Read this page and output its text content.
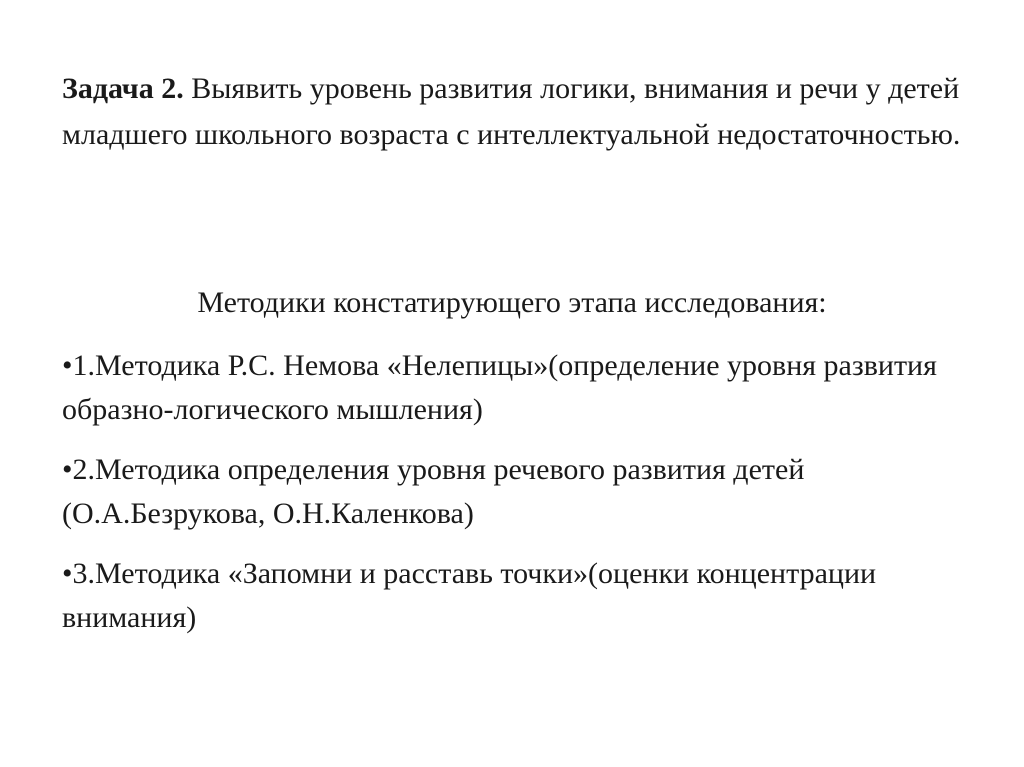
Задача 2. Выявить уровень развития логики, внимания и речи у детей младшего школьного возраста с интеллектуальной недостаточностью.
Методики констатирующего этапа исследования:
•1.Методика Р.С. Немова «Нелепицы»(определение уровня развития образно-логического мышления)
•2.Методика определения уровня речевого развития детей (О.А.Безрукова, О.Н.Каленкова)
•3.Методика «Запомни и расставь точки»(оценки концентрации внимания)
